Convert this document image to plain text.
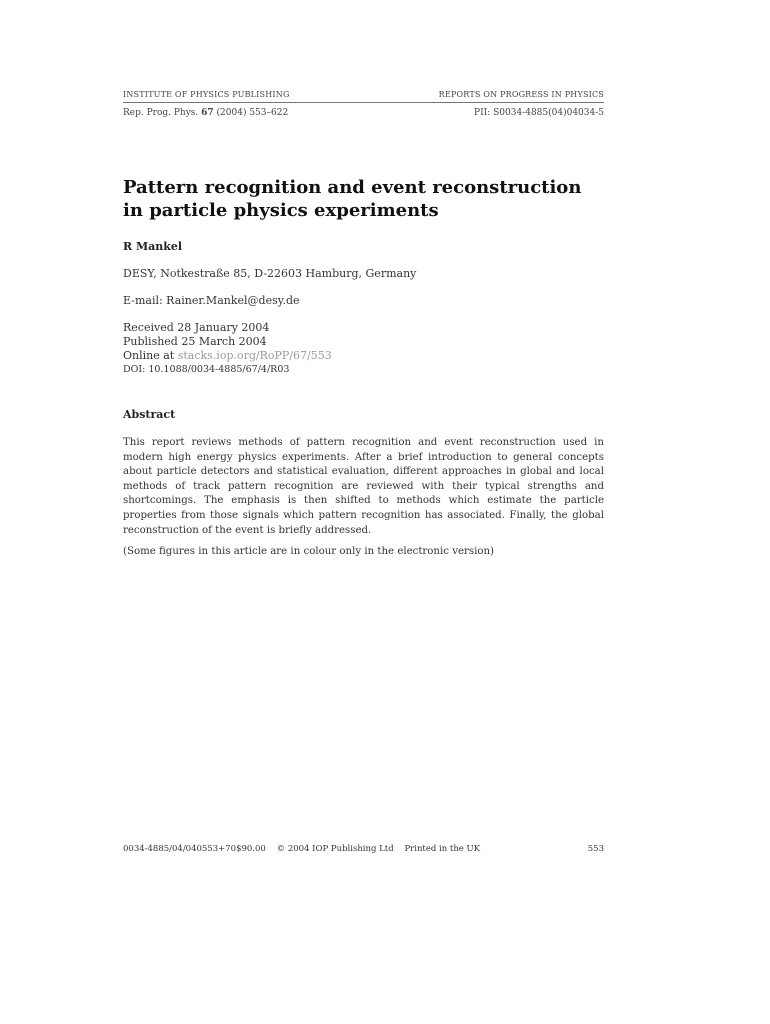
INSTITUTE OF PHYSICS PUBLISHING	REPORTS ON PROGRESS IN PHYSICS
Rep. Prog. Phys. 67 (2004) 553–622	PII: S0034-4885(04)04034-5
Pattern recognition and event reconstruction in particle physics experiments
R Mankel
DESY, Notkestraße 85, D-22603 Hamburg, Germany
E-mail: Rainer.Mankel@desy.de
Received 28 January 2004
Published 25 March 2004
Online at stacks.iop.org/RoPP/67/553
DOI: 10.1088/0034-4885/67/4/R03
Abstract

This report reviews methods of pattern recognition and event reconstruction used in modern high energy physics experiments. After a brief introduction to general concepts about particle detectors and statistical evaluation, different approaches in global and local methods of track pattern recognition are reviewed with their typical strengths and shortcomings. The emphasis is then shifted to methods which estimate the particle properties from those signals which pattern recognition has associated. Finally, the global reconstruction of the event is briefly addressed.

(Some figures in this article are in colour only in the electronic version)

0034-4885/04/040553+70$90.00    © 2004 IOP Publishing Ltd    Printed in the UK	553
